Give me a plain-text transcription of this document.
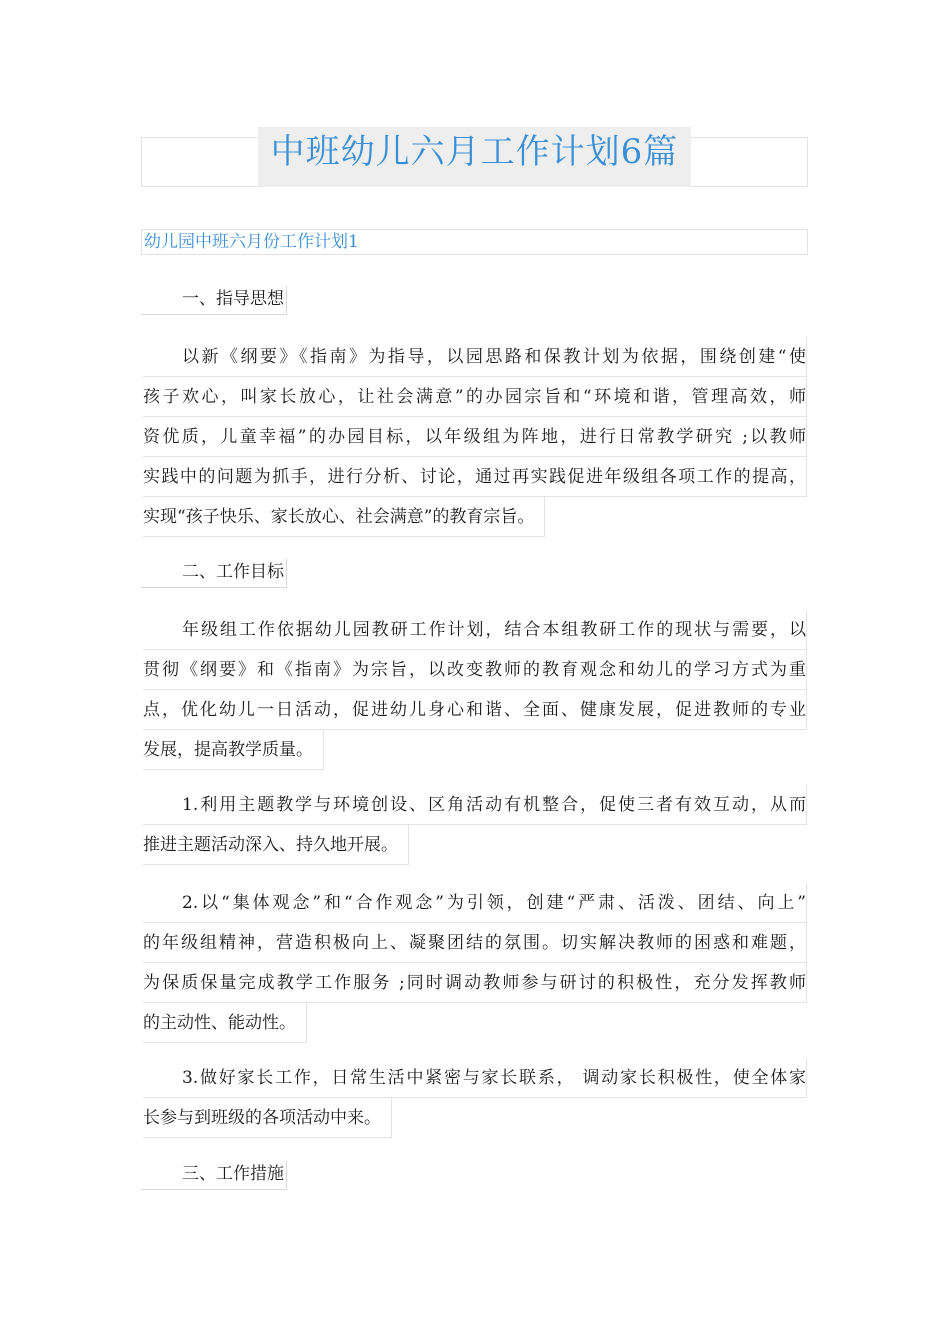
中班幼儿六月工作计划6篇
幼儿园中班六月份工作计划1
一、指导思想
以新《纲要》《指南》为指导，以园思路和保教计划为依据，围绕创建“使
孩子欢心，叫家长放心，让社会满意”的办园宗旨和“环境和谐，管理高效，师
资优质，儿童幸福”的办园目标，以年级组为阵地，进行日常教学研究 ;以教师
实践中的问题为抓手，进行分析、讨论，通过再实践促进年级组各项工作的提高，
实现“孩子快乐、家长放心、社会满意”的教育宗旨。
二、工作目标
年级组工作依据幼儿园教研工作计划，结合本组教研工作的现状与需要，以
贯彻《纲要》和《指南》为宗旨，以改变教师的教育观念和幼儿的学习方式为重
点，优化幼儿一日活动，促进幼儿身心和谐、全面、健康发展，促进教师的专业
发展，提高教学质量。
1.利用主题教学与环境创设、区角活动有机整合，促使三者有效互动，从而
推进主题活动深入、持久地开展。
2.以“集体观念”和“合作观念”为引领，创建“严肃、活泼、团结、向上”
的年级组精神，营造积极向上、凝聚团结的氛围。切实解决教师的困惑和难题，
为保质保量完成教学工作服务 ;同时调动教师参与研讨的积极性，充分发挥教师
的主动性、能动性。
3.做好家长工作，日常生活中紧密与家长联系， 调动家长积极性，使全体家
长参与到班级的各项活动中来。
三、工作措施
